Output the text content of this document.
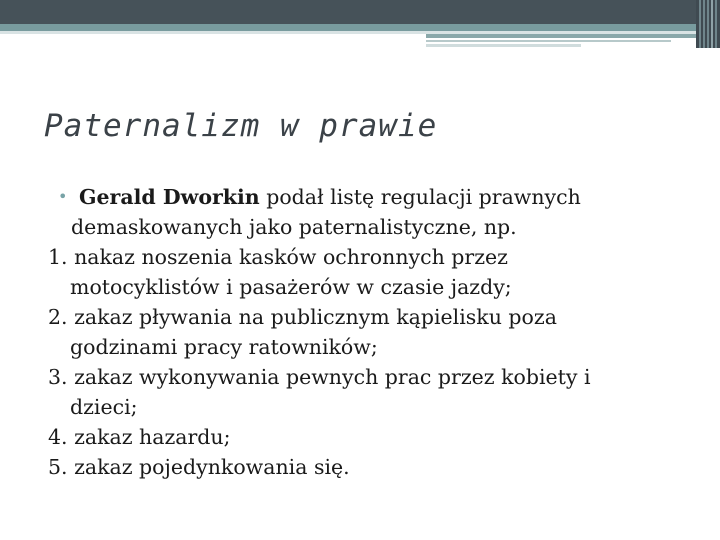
Paternalizm w prawie
• Gerald Dworkin podał listę regulacji prawnych
demaskowanych jako paternalistyczne, np.
1. nakaz noszenia kasków ochronnych przez
motocyklistów i pasażerów w czasie jazdy;
2. zakaz pływania na publicznym kąpielisku poza
godzinami pracy ratowników;
3. zakaz wykonywania pewnych prac przez kobiety i
dzieci;
4. zakaz hazardu;
5. zakaz pojedynkowania się.
